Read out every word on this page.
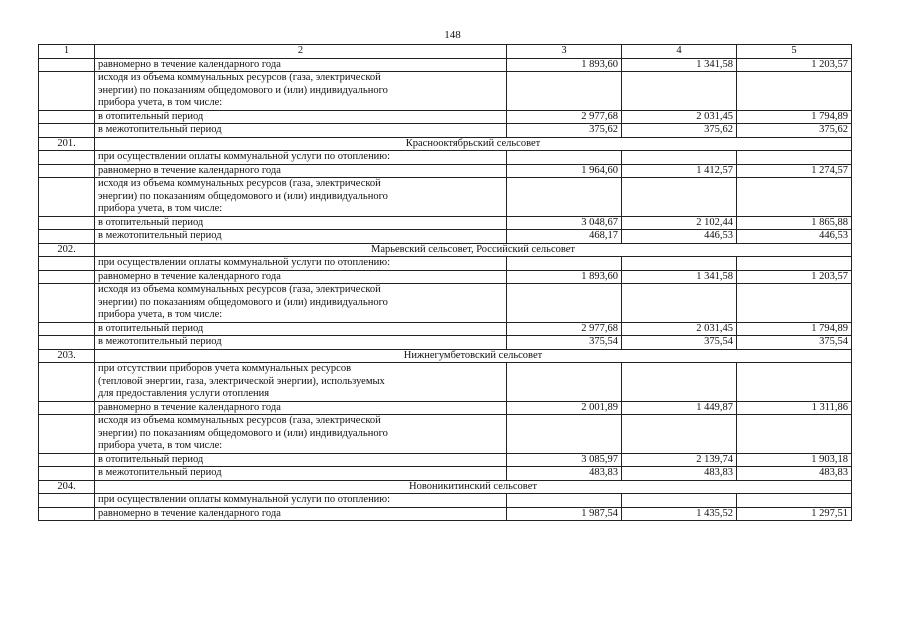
148
1	2	3	4	5
	равномерно в течение календарного года	1 893,60	1 341,58	1 203,57
	исходя из объема коммунальных ресурсов (газа, электрической
энергии) по показаниям общедомового и (или) индивидуального
прибора учета, в том числе:			
	в отопительный период	2 977,68	2 031,45	1 794,89
	в межотопительный период	375,62	375,62	375,62
201.	Краснооктябрьский сельсовет			
	при осуществлении оплаты коммунальной услуги по отоплению:			
	равномерно в течение календарного года	1 964,60	1 412,57	1 274,57
	исходя из объема коммунальных ресурсов (газа, электрической
энергии) по показаниям общедомового и (или) индивидуального
прибора учета, в том числе:			
	в отопительный период	3 048,67	2 102,44	1 865,88
	в межотопительный период	468,17	446,53	446,53
202.	Марьевский сельсовет, Российский сельсовет			
	при осуществлении оплаты коммунальной услуги по отоплению:			
	равномерно в течение календарного года	1 893,60	1 341,58	1 203,57
	исходя из объема коммунальных ресурсов (газа, электрической
энергии) по показаниям общедомового и (или) индивидуального
прибора учета, в том числе:			
	в отопительный период	2 977,68	2 031,45	1 794,89
	в межотопительный период	375,54	375,54	375,54
203.	Нижнегумбетовский сельсовет			
	при отсутствии приборов учета коммунальных ресурсов
(тепловой энергии, газа, электрической энергии), используемых
для предоставления услуги отопления			
	равномерно в течение календарного года	2 001,89	1 449,87	1 311,86
	исходя из объема коммунальных ресурсов (газа, электрической
энергии) по показаниям общедомового и (или) индивидуального
прибора учета, в том числе:			
	в отопительный период	3 085,97	2 139,74	1 903,18
	в межотопительный период	483,83	483,83	483,83
204.	Новоникитинский сельсовет			
	при осуществлении оплаты коммунальной услуги по отоплению:			
	равномерно в течение календарного года	1 987,54	1 435,52	1 297,51
